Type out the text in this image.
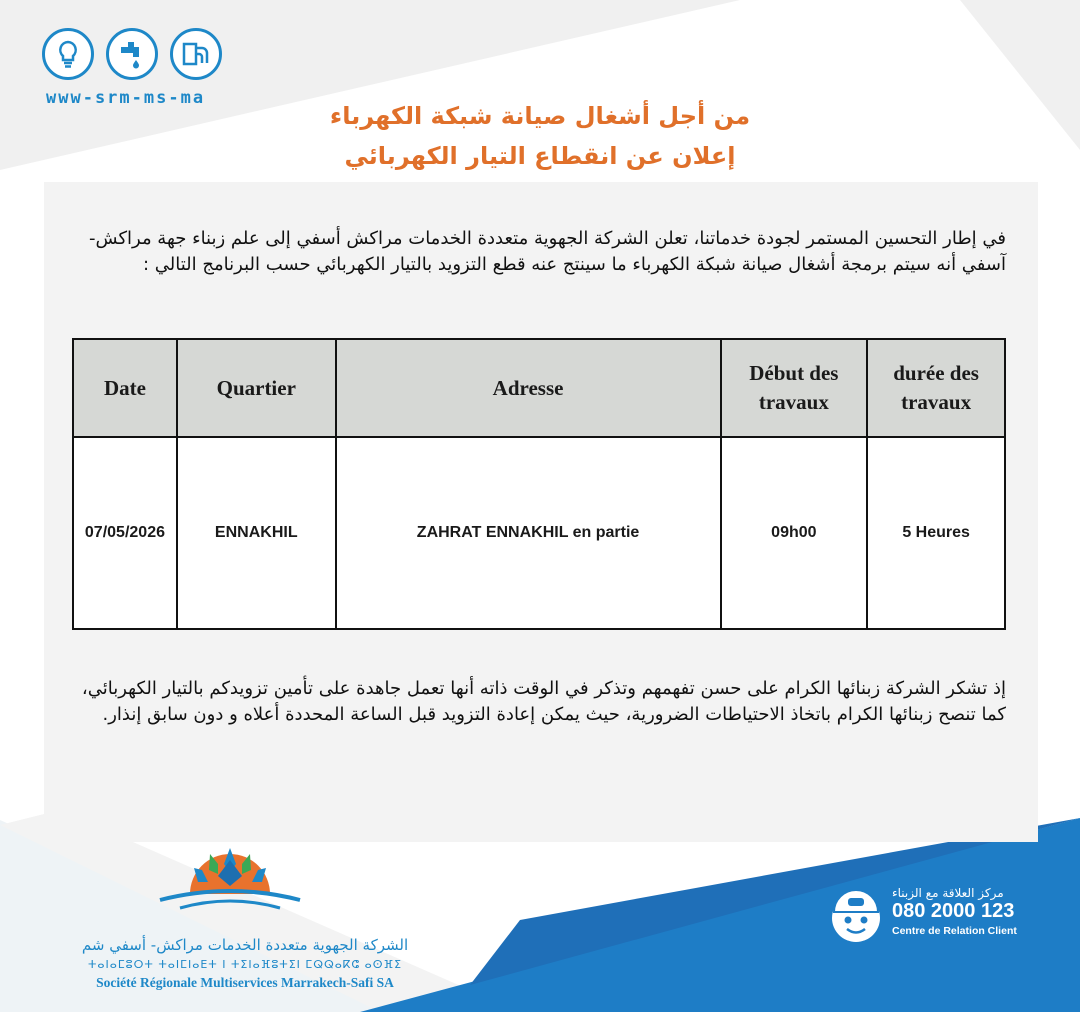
www-srm-ms-ma
من أجل أشغال صيانة شبكة الكهرباء
إعلان عن انقطاع التيار الكهربائي

في إطار التحسين المستمر لجودة خدماتنا، تعلن الشركة الجهوية متعددة الخدمات مراكش أسفي إلى علم زبناء جهة مراكش- آسفي أنه سيتم برمجة أشغال صيانة شبكة الكهرباء ما سينتج عنه قطع التزويد بالتيار الكهربائي حسب البرنامج التالي :

Date	Quartier	Adresse	Début des travaux	durée des travaux
07/05/2026	ENNAKHIL	ZAHRAT ENNAKHIL en partie	09h00	5 Heures

إذ تشكر الشركة زبنائها الكرام على حسن تفهمهم وتذكر في الوقت ذاته أنها تعمل جاهدة على تأمين تزويدكم بالتيار الكهربائي، كما تنصح زبنائها الكرام باتخاذ الاحتياطات الضرورية، حيث يمكن إعادة التزويد قبل الساعة المحددة أعلاه و دون سابق إنذار.

الشركة الجهوية متعددة الخدمات مراكش- أسفي شم
ⵜⴰⵏⴰⵎⵓⵔⵜ ⵜⴰⵏⵎⵏⴰⴹⵜ ⵏ ⵜⵉⵏⴰⴼⵓⵜⵉⵏ ⵎⵕⵕⴰⴽⵛ ⴰⵙⴼⵉ
Société Régionale Multiservices Marrakech-Safi SA
مركز العلاقة مع الزبناء
080 2000 123
Centre de Relation Client
